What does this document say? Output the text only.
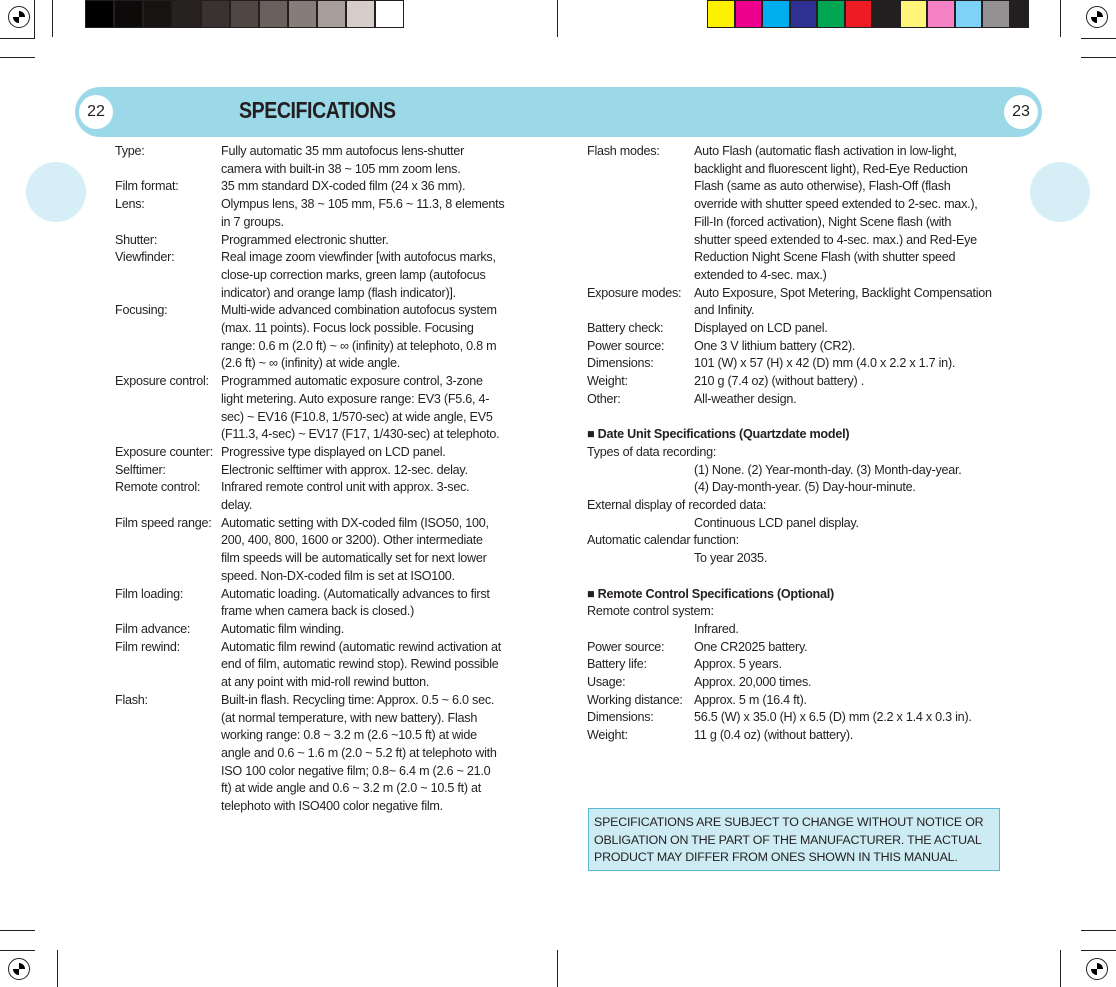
22	SPECIFICATIONS	23
Type:	Fully automatic 35 mm autofocus lens-shutter
camera with built-in 38 ~ 105 mm zoom lens.
Film format:	35 mm standard DX-coded film (24 x 36 mm).
Lens:	Olympus lens, 38 ~ 105 mm, F5.6 ~ 11.3, 8 elements
in 7 groups.
Shutter:	Programmed electronic shutter.
Viewfinder:	Real image zoom viewfinder [with autofocus marks,
close-up correction marks, green lamp (autofocus
indicator) and orange lamp (flash indicator)].
Focusing:	Multi-wide advanced combination autofocus system
(max. 11 points). Focus lock possible. Focusing
range: 0.6 m (2.0 ft) ~ ∞ (infinity) at telephoto, 0.8 m
(2.6 ft) ~ ∞ (infinity) at wide angle.
Exposure control: Programmed automatic exposure control, 3-zone
light metering. Auto exposure range: EV3 (F5.6, 4-
sec) ~ EV16 (F10.8, 1/570-sec) at wide angle, EV5
(F11.3, 4-sec) ~ EV17 (F17, 1/430-sec) at telephoto.
Exposure counter: Progressive type displayed on LCD panel.
Selftimer:	Electronic selftimer with approx. 12-sec. delay.
Remote control:	Infrared remote control unit with approx. 3-sec.
delay.
Film speed range: Automatic setting with DX-coded film (ISO50, 100,
200, 400, 800, 1600 or 3200). Other intermediate
film speeds will be automatically set for next lower
speed. Non-DX-coded film is set at ISO100.
Film loading:	Automatic loading. (Automatically advances to first
frame when camera back is closed.)
Film advance:	Automatic film winding.
Film rewind:	Automatic film rewind (automatic rewind activation at
end of film, automatic rewind stop). Rewind possible
at any point with mid-roll rewind button.
Flash:	Built-in flash. Recycling time: Approx. 0.5 ~ 6.0 sec.
(at normal temperature, with new battery). Flash
working range: 0.8 ~ 3.2 m (2.6 ~10.5 ft) at wide
angle and 0.6 ~ 1.6 m (2.0 ~ 5.2 ft) at telephoto with
ISO 100 color negative film; 0.8~ 6.4 m (2.6 ~ 21.0
ft) at wide angle and 0.6 ~ 3.2 m (2.0 ~ 10.5 ft) at
telephoto with ISO400 color negative film.
Flash modes:	Auto Flash (automatic flash activation in low-light,
backlight and fluorescent light), Red-Eye Reduction
Flash (same as auto otherwise), Flash-Off (flash
override with shutter speed extended to 2-sec. max.),
Fill-In (forced activation), Night Scene flash (with
shutter speed extended to 4-sec. max.) and Red-Eye
Reduction Night Scene Flash (with shutter speed
extended to 4-sec. max.)
Exposure modes:	Auto Exposure, Spot Metering, Backlight Compensation
and Infinity.
Battery check:	Displayed on LCD panel.
Power source:	One 3 V lithium battery (CR2).
Dimensions:	101 (W) x 57 (H) x 42 (D) mm (4.0 x 2.2 x 1.7 in).
Weight:	210 g (7.4 oz) (without battery) .
Other:	All-weather design.
■ Date Unit Specifications (Quartzdate model)
Types of data recording:
(1) None. (2) Year-month-day. (3) Month-day-year.
(4) Day-month-year. (5) Day-hour-minute.
External display of recorded data:
Continuous LCD panel display.
Automatic calendar function:
To year 2035.
■ Remote Control Specifications (Optional)
Remote control system:
Infrared.
Power source:	One CR2025 battery.
Battery life:	Approx. 5 years.
Usage:	Approx. 20,000 times.
Working distance: Approx. 5 m (16.4 ft).
Dimensions:	56.5 (W) x 35.0 (H) x 6.5 (D) mm (2.2 x 1.4 x 0.3 in).
Weight:	11 g (0.4 oz) (without battery).
SPECIFICATIONS ARE SUBJECT TO CHANGE WITHOUT NOTICE OR OBLIGATION ON THE PART OF THE MANUFACTURER. THE ACTUAL PRODUCT MAY DIFFER FROM ONES SHOWN IN THIS MANUAL.
